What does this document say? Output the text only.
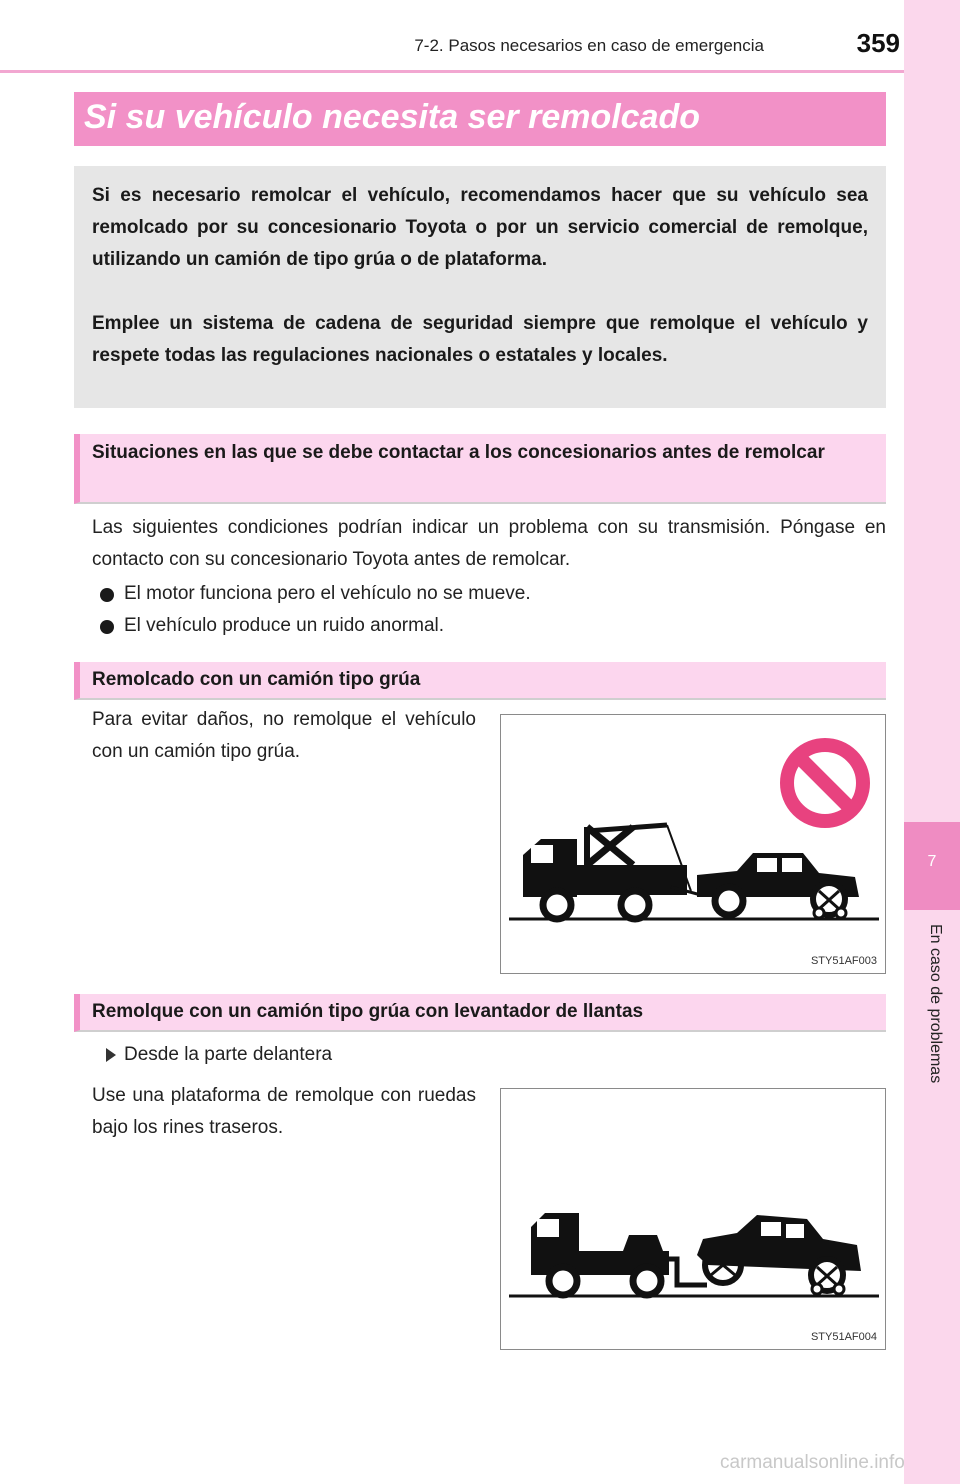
7-2. Pasos necesarios en caso de emergencia	359
7
En caso de problemas
Si su vehículo necesita ser remolcado

Si es necesario remolcar el vehículo, recomendamos hacer que su vehículo sea remolcado por su concesionario Toyota o por un servicio comercial de remolque, utilizando un camión de tipo grúa o de plataforma.

Emplee un sistema de cadena de seguridad siempre que remolque el vehículo y respete todas las regulaciones nacionales o estatales y locales.

Situaciones en las que se debe contactar a los concesionarios antes de remolcar
Las siguientes condiciones podrían indicar un problema con su transmisión. Póngase en contacto con su concesionario Toyota antes de remolcar.
El motor funciona pero el vehículo no se mueve.
El vehículo produce un ruido anormal.
Remolcado con un camión tipo grúa
Para evitar daños, no remolque el vehículo con un camión tipo grúa.
STY51AF003
Remolque con un camión tipo grúa con levantador de llantas
Desde la parte delantera
Use una plataforma de remolque con ruedas bajo los rines traseros.
STY51AF004
carmanualsonline.info
